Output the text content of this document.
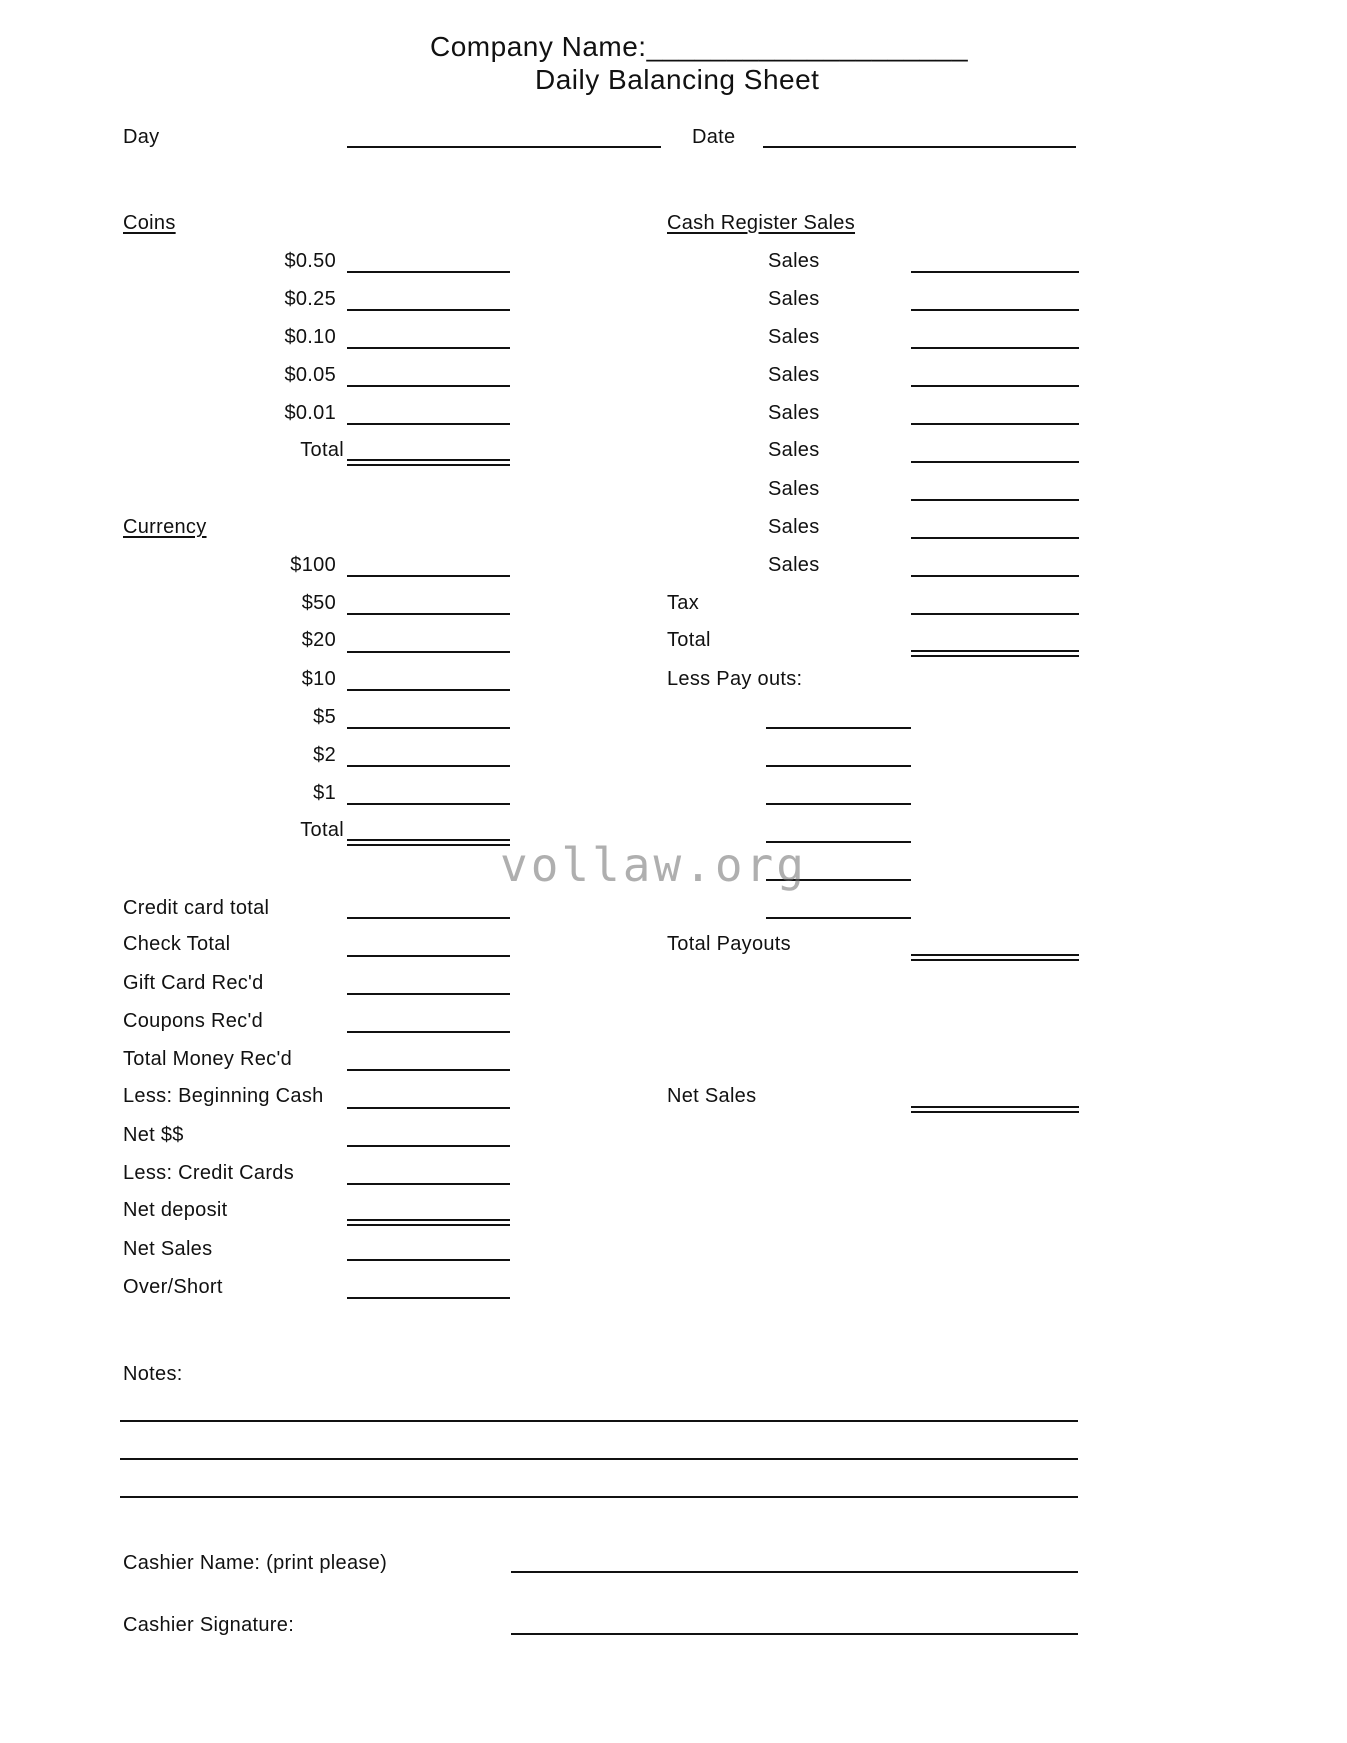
Company Name:____________________
Daily Balancing Sheet
Day	Date
Coins
$0.50
$0.25
$0.10
$0.05
$0.01
Total
Currency
$100
$50
$20
$10
$5
$2
$1
Total
Cash Register Sales
Sales
Sales
Sales
Sales
Sales
Sales
Sales
Sales
Sales
Tax
Total
Less Pay outs:
Total Payouts
Net Sales
Credit card total
Check Total
Gift Card Rec'd
Coupons Rec'd
Total Money Rec'd
Less: Beginning Cash
Net $$
Less: Credit Cards
Net deposit
Net Sales
Over/Short
Notes:
Cashier Name: (print please)
Cashier Signature:
vollaw.org
